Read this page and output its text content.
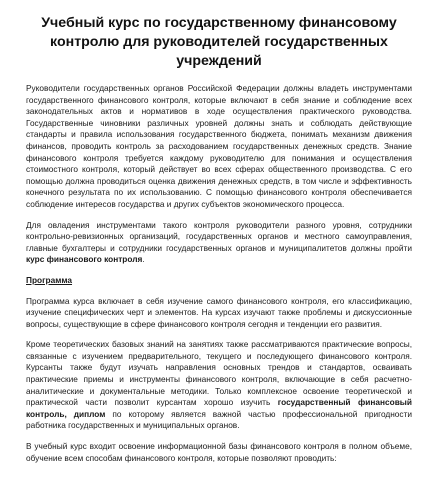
Учебный курс по государственному финансовому контролю для руководителей государственных учреждений

Руководители государственных органов Российской Федерации должны владеть инструментами государственного финансового контроля, которые включают в себя знание и соблюдение всех законодательных актов и нормативов в ходе осуществления практического руководства. Государственные чиновники различных уровней должны знать и соблюдать действующие стандарты и правила использования государственного бюджета, понимать механизм движения финансов, проводить контроль за расходованием государственных денежных средств. Знание финансового контроля требуется каждому руководителю для понимания и осуществления стоимостного контроля, который действует во всех сферах общественного производства. С его помощью должна проводиться оценка движения денежных средств, в том числе и эффективность конечного результата по их использованию. С помощью финансового контроля обеспечивается соблюдение интересов государства и других субъектов экономического процесса.

Для овладения инструментами такого контроля руководители разного уровня, сотрудники контрольно-ревизионных организаций, государственных органов и местного самоуправления, главные бухгалтеры и сотрудники государственных органов и муниципалитетов должны пройти курс финансового контроля.

Программа

Программа курса включает в себя изучение самого финансового контроля, его классификацию, изучение специфических черт и элементов. На курсах изучают также проблемы и дискуссионные вопросы, существующие в сфере финансового контроля сегодня и тенденции его развития.

Кроме теоретических базовых знаний на занятиях также рассматриваются практические вопросы, связанные с изучением предварительного, текущего и последующего финансового контроля. Курсанты также будут изучать направления основных трендов и стандартов, осваивать практические приемы и инструменты финансового контроля, включающие в себя расчетно-аналитические и документальные методики. Только комплексное освоение теоретической и практической части позволит курсантам хорошо изучить государственный финансовый контроль, диплом по которому является важной частью профессиональной пригодности работника государственных и муниципальных органов.

В учебный курс входит освоение информационной базы финансового контроля в полном объеме, обучение всем способам финансового контроля, которые позволяют проводить:
